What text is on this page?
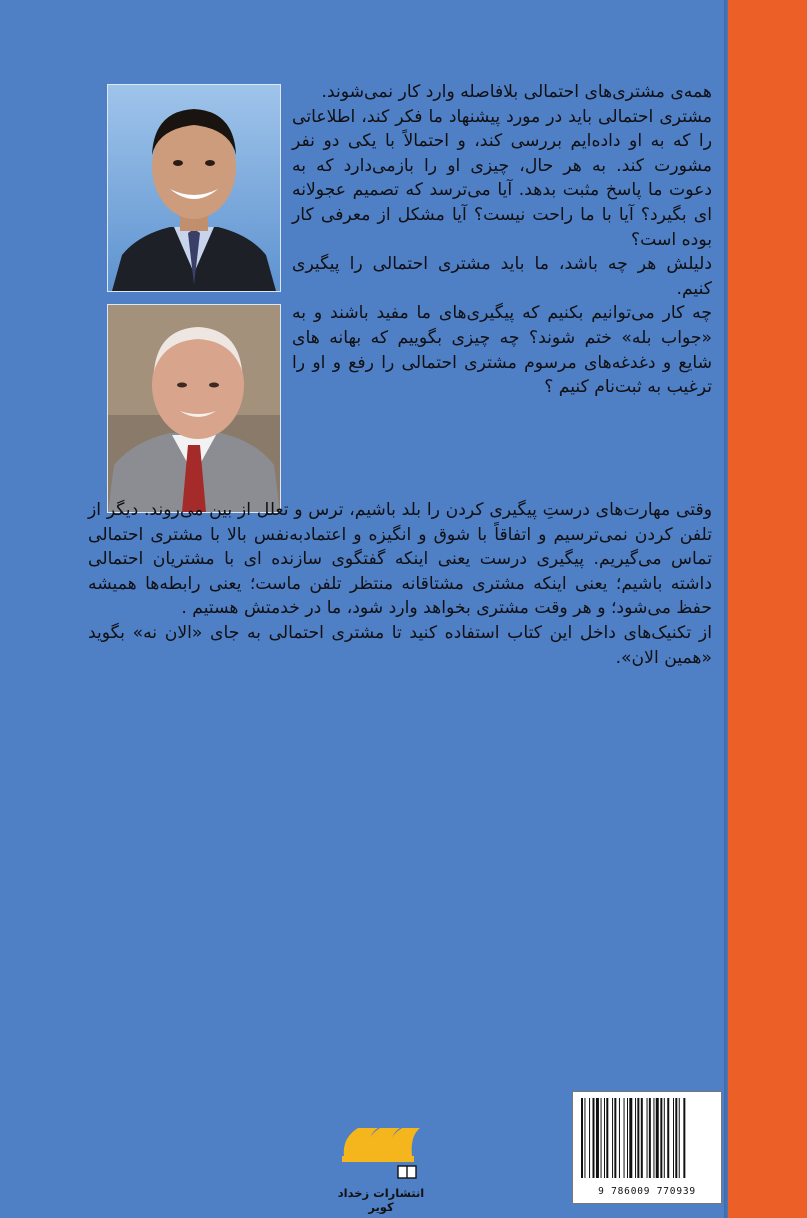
همه‌ی مشتری‌های احتمالی بلافاصله وارد کار نمی‌شوند.

مشتری احتمالی باید در مورد پیشنهاد ما فکر کند، اطلاعاتی را که به او داده‌ایم بررسی کند، و احتمالاً با یکی دو نفر مشورت کند. به هر حال، چیزی او را بازمی‌دارد که به دعوت ما پاسخ مثبت بدهد. آیا می‌ترسد که تصمیم عجولانه ای بگیرد؟ آیا با ما راحت نیست؟ آیا مشکل از معرفی کار بوده است؟

دلیلش هر چه باشد، ما باید مشتری احتمالی را پیگیری کنیم.

چه کار می‌توانیم بکنیم که پیگیری‌های ما مفید باشند و به «جواب بله» ختم شوند؟ چه چیزی بگوییم که بهانه های شایع و دغدغه‌های مرسوم مشتری احتمالی را رفع و او را ترغیب به ثبت‌نام کنیم ؟

وقتی مهارت‌های درستِ پیگیری کردن را بلد باشیم، ترس و تعلل از بین می‌روند. دیگر از تلفن کردن نمی‌ترسیم و اتفاقاً با شوق و انگیزه و اعتمادبه‌نفس بالا با مشتری احتمالی تماس می‌گیریم. پیگیری درست یعنی اینکه گفتگوی سازنده ای با مشتریان احتمالی داشته باشیم؛ یعنی اینکه مشتری مشتاقانه منتظر تلفن ماست؛ یعنی رابطه‌ها همیشه حفظ می‌شود؛ و هر وقت مشتری بخواهد وارد شود، ما در خدمتش هستیم .

از تکنیک‌های داخل این کتاب استفاده کنید تا مشتری احتمالی به جای «الان نه» بگوید «همین الان».

انتشارات زخداد کویر
9 786009 770939
